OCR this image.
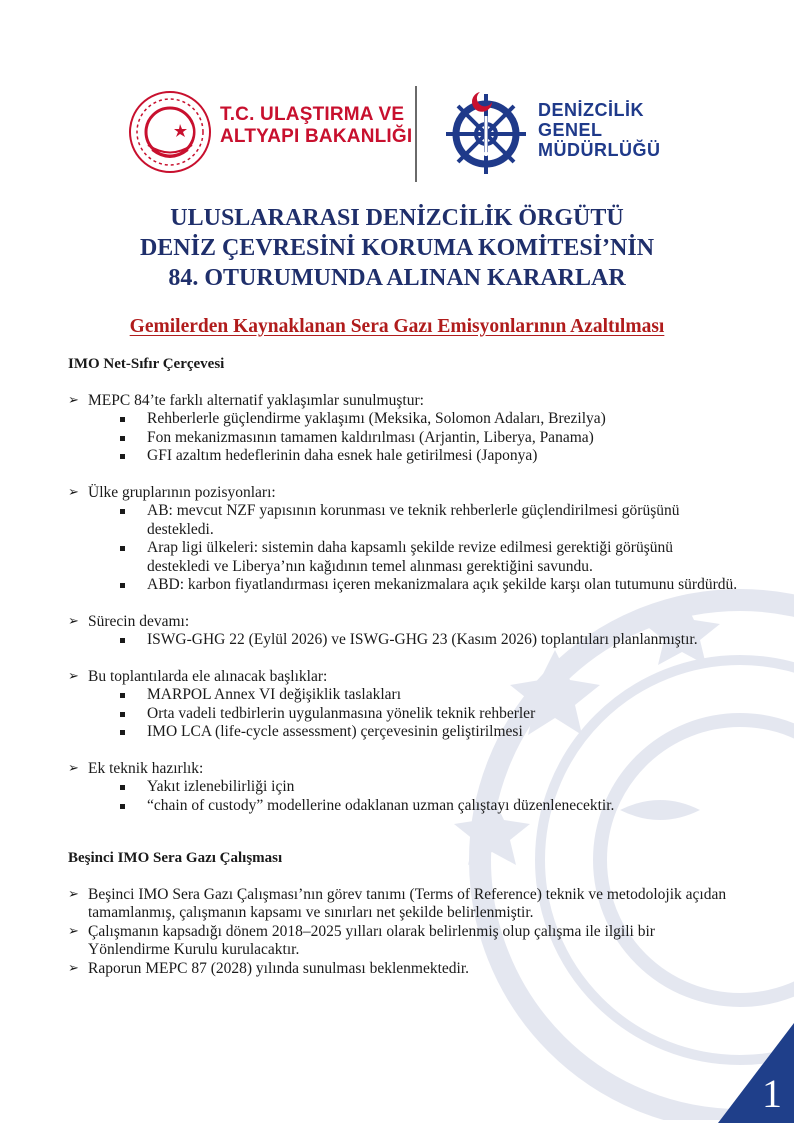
T.C. ULAŞTIRMA VE
ALTYAPI BAKANLIĞI
DENİZCİLİK
GENEL
MÜDÜRLÜĞÜ
ULUSLARARASI DENİZCİLİK ÖRGÜTÜ
DENİZ ÇEVRESİNİ KORUMA KOMİTESİ’NİN
84. OTURUMUNDA ALINAN KARARLAR
Gemilerden Kaynaklanan Sera Gazı Emisyonlarının Azaltılması

IMO Net-Sıfır Çerçevesi

➢ MEPC 84’te farklı alternatif yaklaşımlar sunulmuştur:

Rehberlerle güçlendirme yaklaşımı (Meksika, Solomon Adaları, Brezilya)
Fon mekanizmasının tamamen kaldırılması (Arjantin, Liberya, Panama)
GFI azaltım hedeflerinin daha esnek hale getirilmesi (Japonya)

➢ Ülke gruplarının pozisyonları:

AB: mevcut NZF yapısının korunması ve teknik rehberlerle güçlendirilmesi görüşünü destekledi.
Arap ligi ülkeleri: sistemin daha kapsamlı şekilde revize edilmesi gerektiği görüşünü destekledi ve Liberya’nın kağıdının temel alınması gerektiğini savundu.
ABD: karbon fiyatlandırması içeren mekanizmalara açık şekilde karşı olan tutumunu sürdürdü.

➢ Sürecin devamı:

ISWG-GHG 22 (Eylül 2026) ve ISWG-GHG 23 (Kasım 2026) toplantıları planlanmıştır.

➢ Bu toplantılarda ele alınacak başlıklar:

MARPOL Annex VI değişiklik taslakları
Orta vadeli tedbirlerin uygulanmasına yönelik teknik rehberler
IMO LCA (life-cycle assessment) çerçevesinin geliştirilmesi

➢ Ek teknik hazırlık:

Yakıt izlenebilirliği için
“chain of custody” modellerine odaklanan uzman çalıştayı düzenlenecektir.

Beşinci IMO Sera Gazı Çalışması

➢ Beşinci IMO Sera Gazı Çalışması’nın görev tanımı (Terms of Reference) teknik ve metodolojik açıdan tamamlanmış, çalışmanın kapsamı ve sınırları net şekilde belirlenmiştir.

➢ Çalışmanın kapsadığı dönem 2018–2025 yılları olarak belirlenmiş olup çalışma ile ilgili bir Yönlendirme Kurulu kurulacaktır.

➢ Raporun MEPC 87 (2028) yılında sunulması beklenmektedir.

1
